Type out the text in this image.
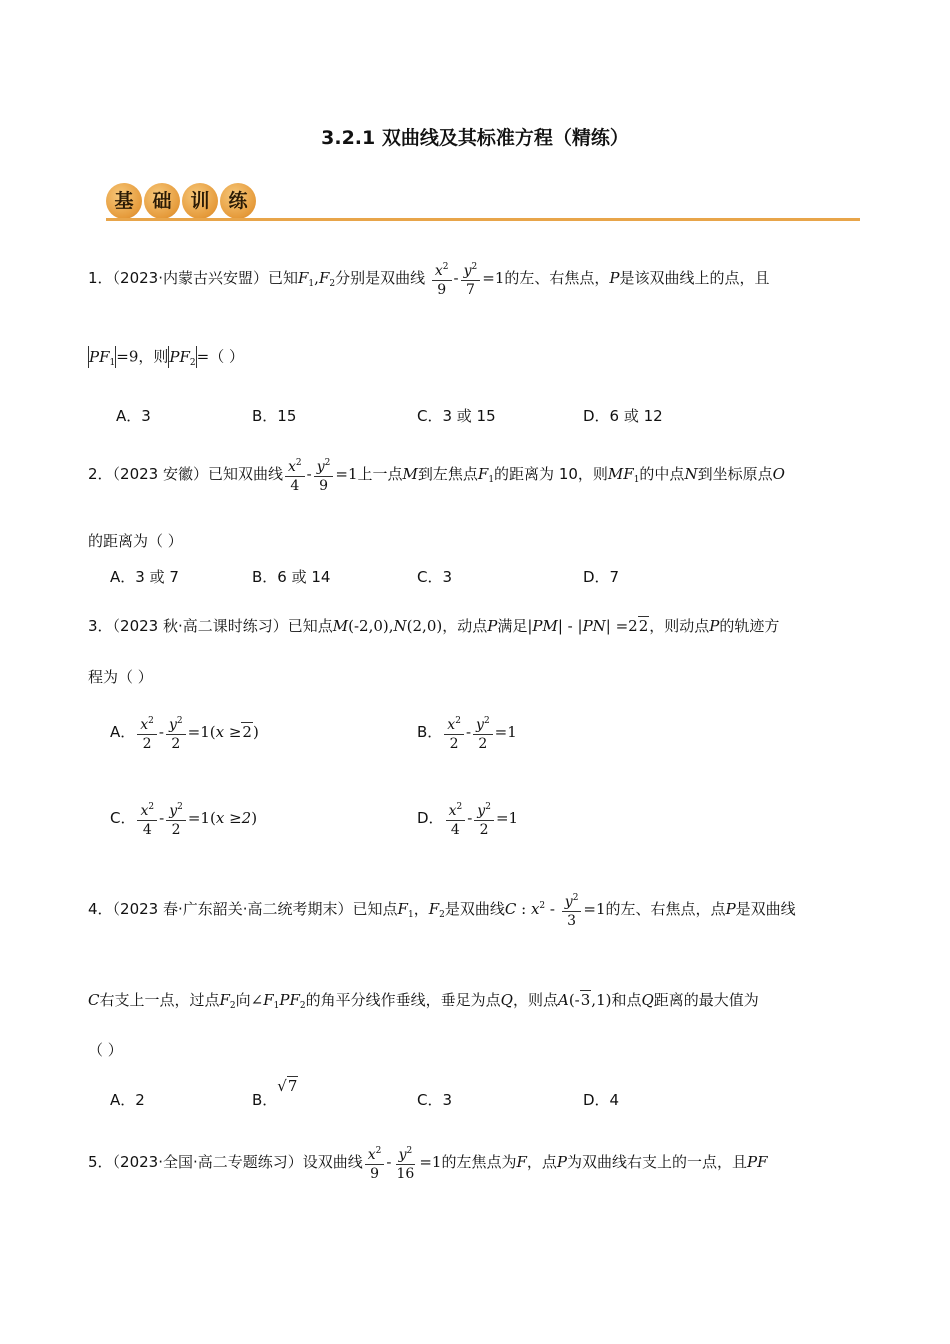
3.2.1 双曲线及其标准方程（精练）
基 础 训 练
1．（2023·内蒙古兴安盟）已知$F_1,F_2$分别是双曲线 $\frac{x^2}{9} - \frac{y^2}{7} =1$的左、右焦点，P是该双曲线上的点，且
$PF_1=9$，则$PF_2=$（ ）
A．3	B．15	C．3 或 15	D．6 或 12
2．（2023 安徽）已知双曲线 $\frac{x^2}{4} - \frac{y^2}{9} =1$上一点M到左焦点$F_1$的距离为 10，则$MF_1$的中点N到坐标原点O
的距离为（ ）
A．3 或 7	B．6 或 14	C．3	D．7
3．（2023 秋·高二课时练习）已知点M(-2,0),N(2,0)，动点P满足|PM| - |PN| =22，则动点P的轨迹方
程为（ ）
A． $\frac{x^2}{2} - \frac{y^2}{2} =1(x \ge 2)$	B． $\frac{x^2}{2} - \frac{y^2}{2} =1$
C． $\frac{x^2}{4} - \frac{y^2}{2} =1(x \ge 2)$	D． $\frac{x^2}{4} - \frac{y^2}{2} =1$
4．（2023 春·广东韶关·高二统考期末）已知点$F_1$，$F_2$是双曲线C : $x^2 - \frac{y^2}{3} =1$的左、右焦点，点P是双曲线
C右支上一点，过点$F_2$向$\angle F_1PF_2$的角平分线作垂线，垂足为点Q，则点A(-3,1)和点Q距离的最大值为
（ ）
A．2	B．√7
C．3	D．4
5．（2023·全国·高二专题练习）设双曲线 $\frac{x^2}{9} - \frac{y^2}{16} =1$的左焦点为F，点P为双曲线右支上的一点，且PF
